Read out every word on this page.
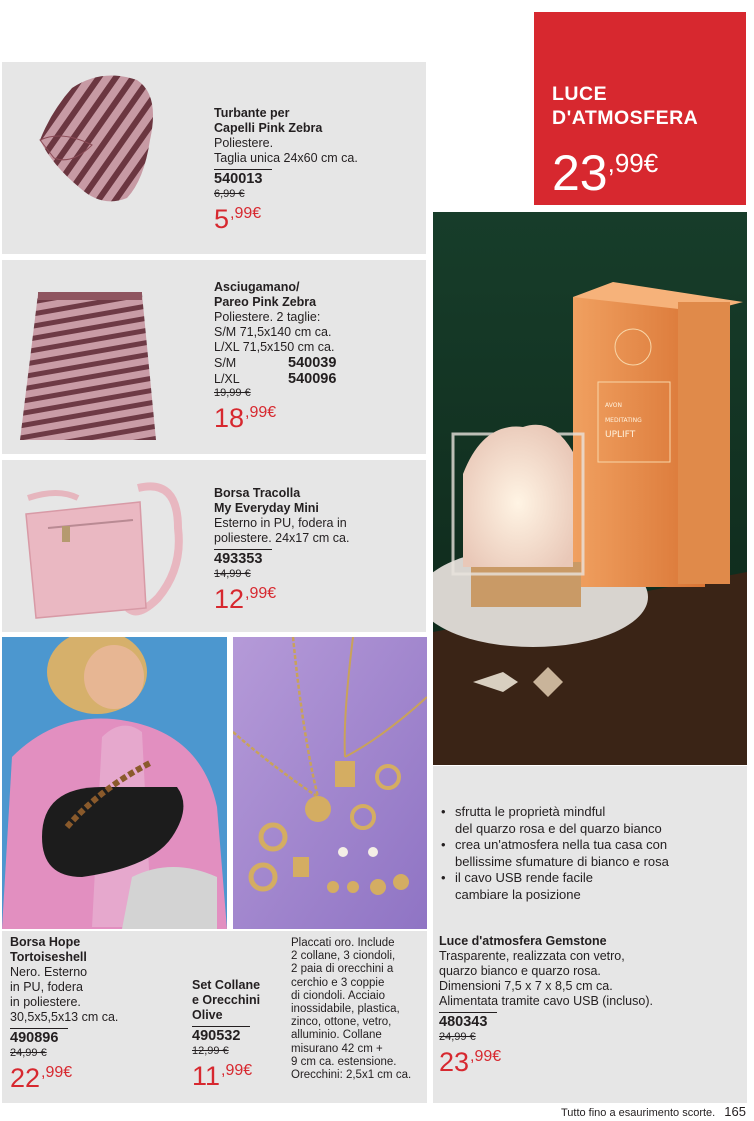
Turbante per
Capelli Pink Zebra
Poliestere.
Taglia unica 24x60 cm ca.
540013
6,99 €
$5^{,99€}$
Asciugamano/
Pareo Pink Zebra
Poliestere. 2 taglie:
S/M 71,5x140 cm ca.
L/XL 71,5x150 cm ca.
S/M	540039
L/XL	540096
19,99 €
$18^{,99€}$
Borsa Tracolla
My Everyday Mini
Esterno in PU, fodera in
poliestere. 24x17 cm ca.
493353
14,99 €
$12^{,99€}$
Borsa Hope
Tortoiseshell
Nero. Esterno
in PU, fodera
in poliestere.
30,5x5,5x13 cm ca.
490896
24,99 €
$22^{,99€}$
Set Collane
e Orecchini
Olive
490532
12,99 €
$11^{,99€}$
Placcati oro. Include
2 collane, 3 ciondoli,
2 paia di orecchini a
cerchio e 3 coppie
di ciondoli. Acciaio
inossidabile, plastica,
zinco, ottone, vetro,
alluminio. Collane
misurano 42 cm +
9 cm ca. estensione.
Orecchini: 2,5x1 cm ca.
LUCE
D'ATMOSFERA
$23^{,99€}$
AVON
MEDITATING
UPLIFT
• sfrutta le proprietà mindful
del quarzo rosa e del quarzo bianco
• crea un'atmosfera nella tua casa con
bellissime sfumature di bianco e rosa
• il cavo USB rende facile
cambiare la posizione
Luce d'atmosfera Gemstone
Trasparente, realizzata con vetro,
quarzo bianco e quarzo rosa.
Dimensioni 7,5 x 7 x 8,5 cm ca.
Alimentata tramite cavo USB (incluso).
480343
24,99 €
$23^{,99€}$
Tutto fino a esaurimento scorte. 165
